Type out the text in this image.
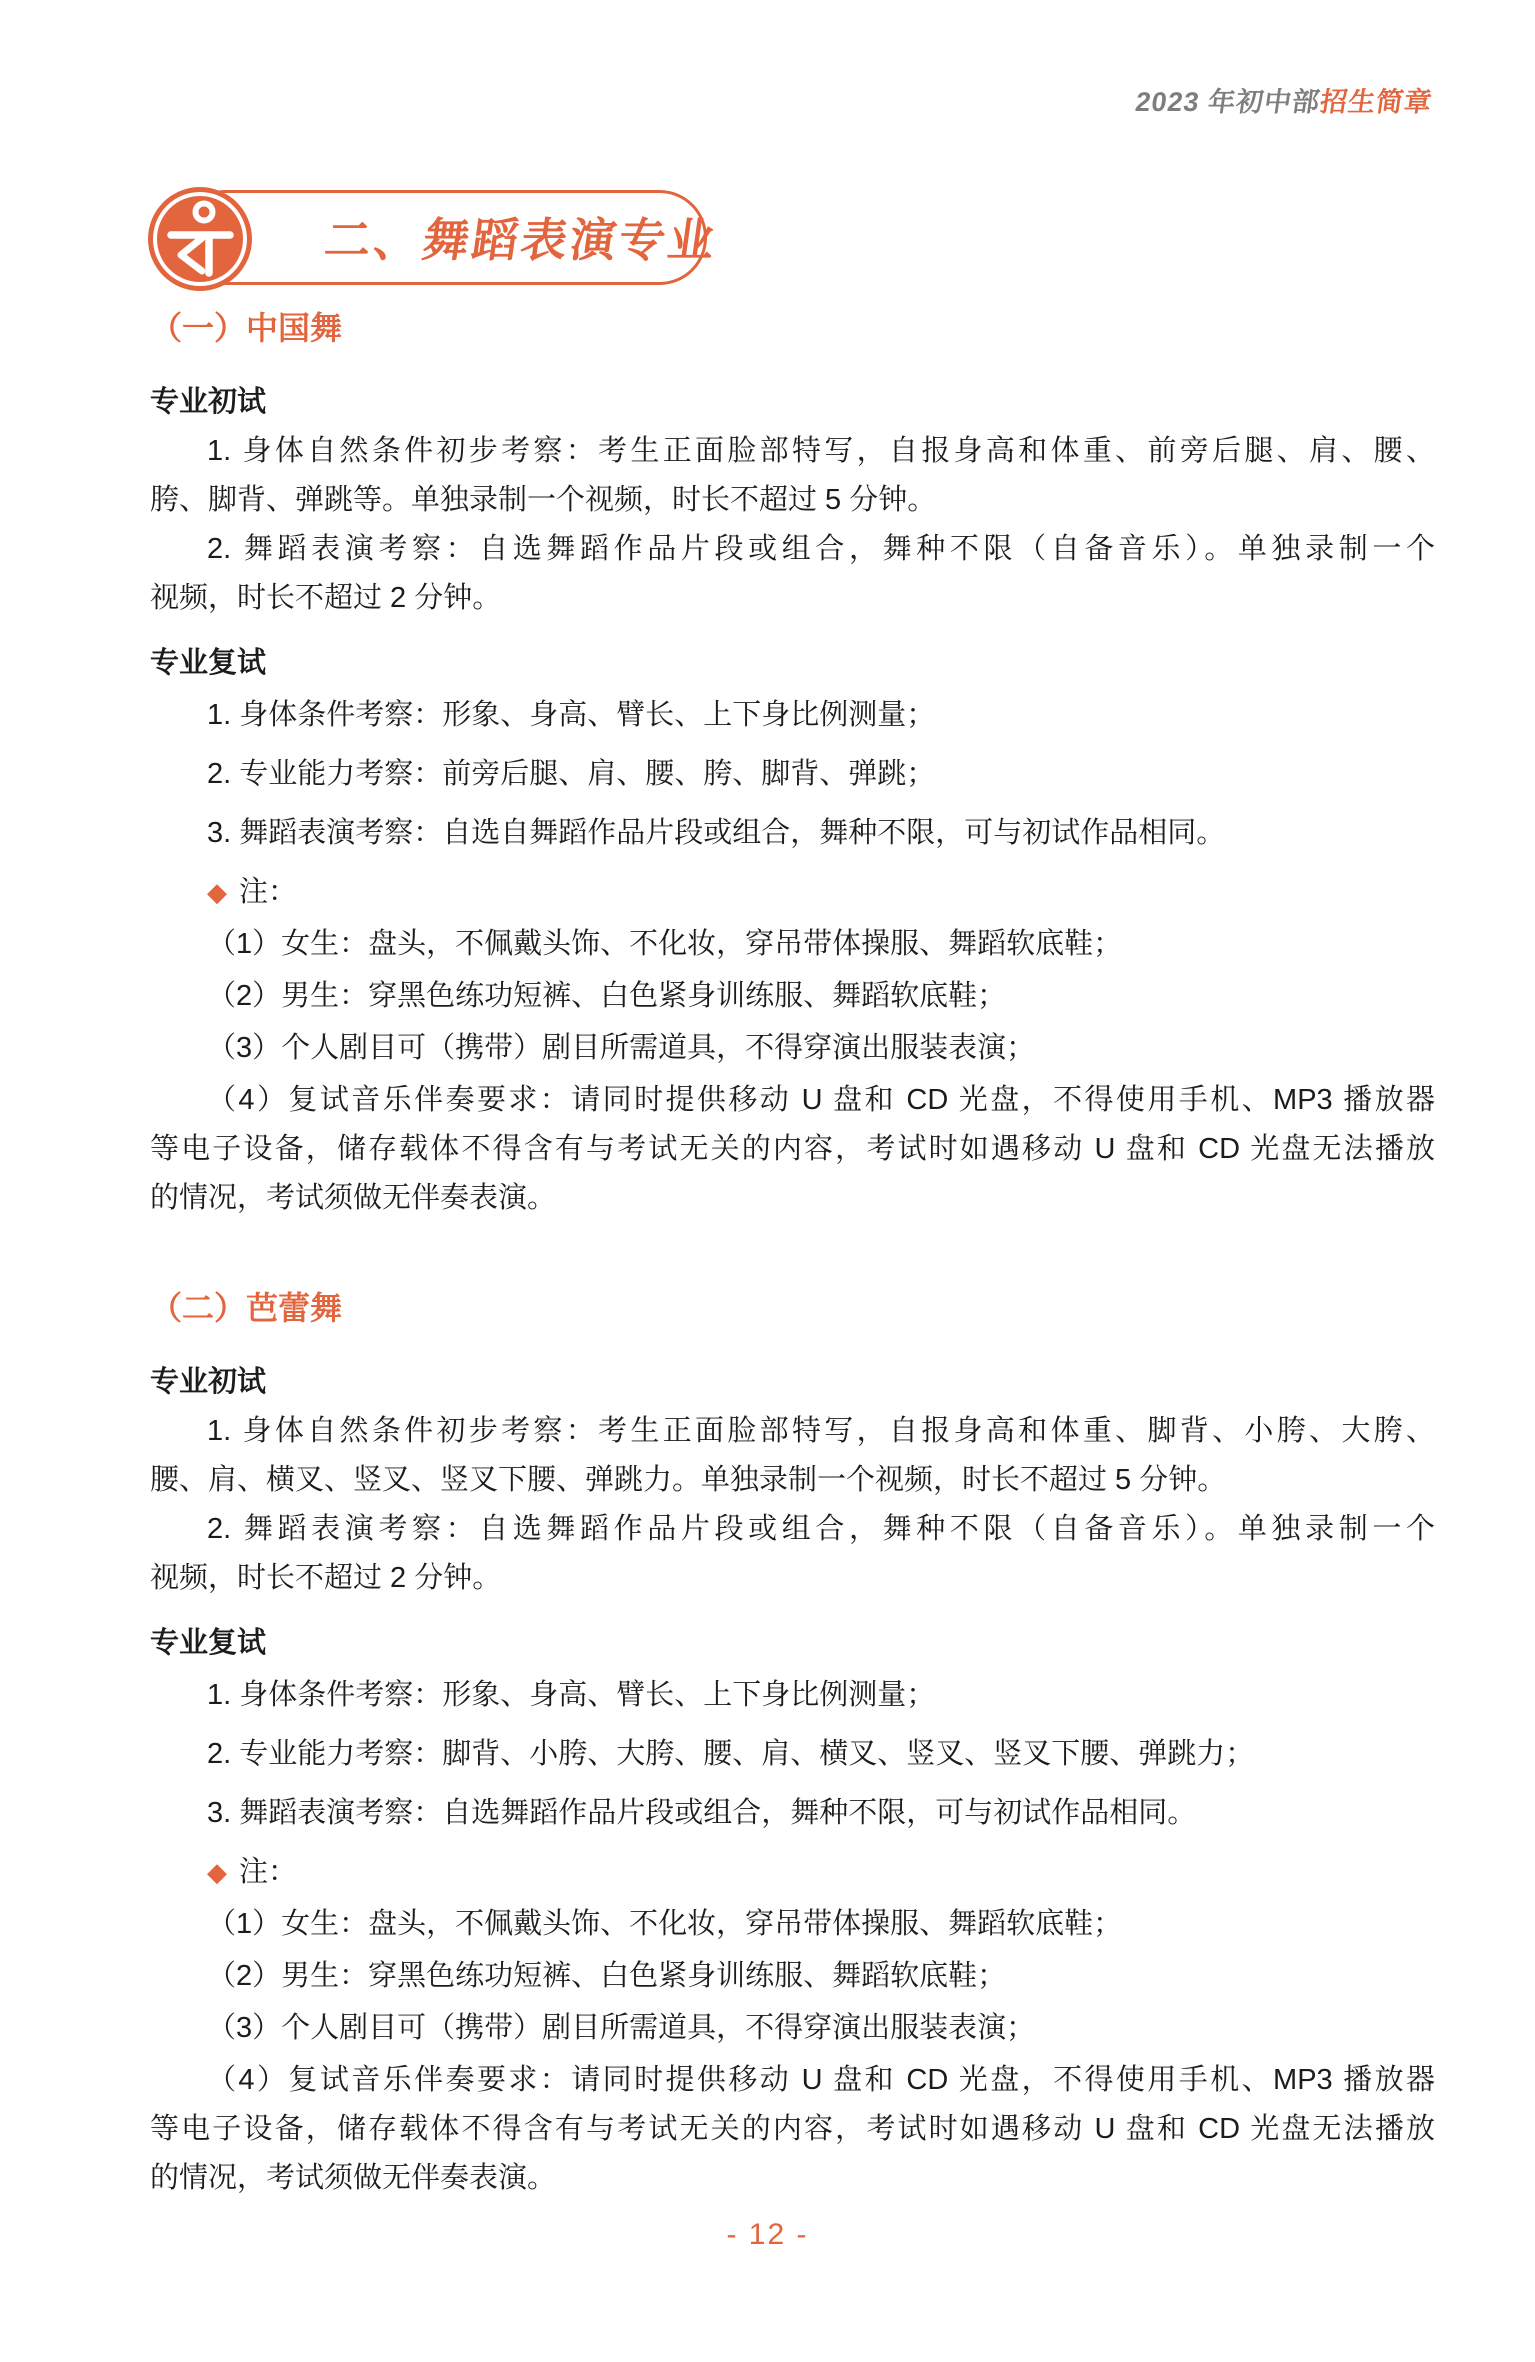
2023 年初中部招生简章
二、舞蹈表演专业
（一）中国舞
专业初试
1. 身体自然条件初步考察：考生正面脸部特写，自报身高和体重、前旁后腿、肩、腰、
胯、脚背、弹跳等。单独录制一个视频，时长不超过 5 分钟。
2. 舞蹈表演考察：自选舞蹈作品片段或组合，舞种不限（自备音乐）。单独录制一个
视频，时长不超过 2 分钟。
专业复试
1. 身体条件考察：形象、身高、臂长、上下身比例测量；
2. 专业能力考察：前旁后腿、肩、腰、胯、脚背、弹跳；
3. 舞蹈表演考察：自选自舞蹈作品片段或组合，舞种不限，可与初试作品相同。
◆ 注：
（1）女生：盘头，不佩戴头饰、不化妆，穿吊带体操服、舞蹈软底鞋；
（2）男生：穿黑色练功短裤、白色紧身训练服、舞蹈软底鞋；
（3）个人剧目可（携带）剧目所需道具，不得穿演出服装表演；
（4）复试音乐伴奏要求：请同时提供移动 U 盘和 CD 光盘，不得使用手机、MP3 播放器
等电子设备，储存载体不得含有与考试无关的内容，考试时如遇移动 U 盘和 CD 光盘无法播放
的情况，考试须做无伴奏表演。
（二）芭蕾舞
专业初试
1. 身体自然条件初步考察：考生正面脸部特写，自报身高和体重、脚背、小胯、大胯、
腰、肩、横叉、竖叉、竖叉下腰、弹跳力。单独录制一个视频，时长不超过 5 分钟。
2. 舞蹈表演考察：自选舞蹈作品片段或组合，舞种不限（自备音乐）。单独录制一个
视频，时长不超过 2 分钟。
专业复试
1. 身体条件考察：形象、身高、臂长、上下身比例测量；
2. 专业能力考察：脚背、小胯、大胯、腰、肩、横叉、竖叉、竖叉下腰、弹跳力；
3. 舞蹈表演考察：自选舞蹈作品片段或组合，舞种不限，可与初试作品相同。
◆ 注：
（1）女生：盘头，不佩戴头饰、不化妆，穿吊带体操服、舞蹈软底鞋；
（2）男生：穿黑色练功短裤、白色紧身训练服、舞蹈软底鞋；
（3）个人剧目可（携带）剧目所需道具，不得穿演出服装表演；
（4）复试音乐伴奏要求：请同时提供移动 U 盘和 CD 光盘，不得使用手机、MP3 播放器
等电子设备，储存载体不得含有与考试无关的内容，考试时如遇移动 U 盘和 CD 光盘无法播放
的情况，考试须做无伴奏表演。
- 12 -
